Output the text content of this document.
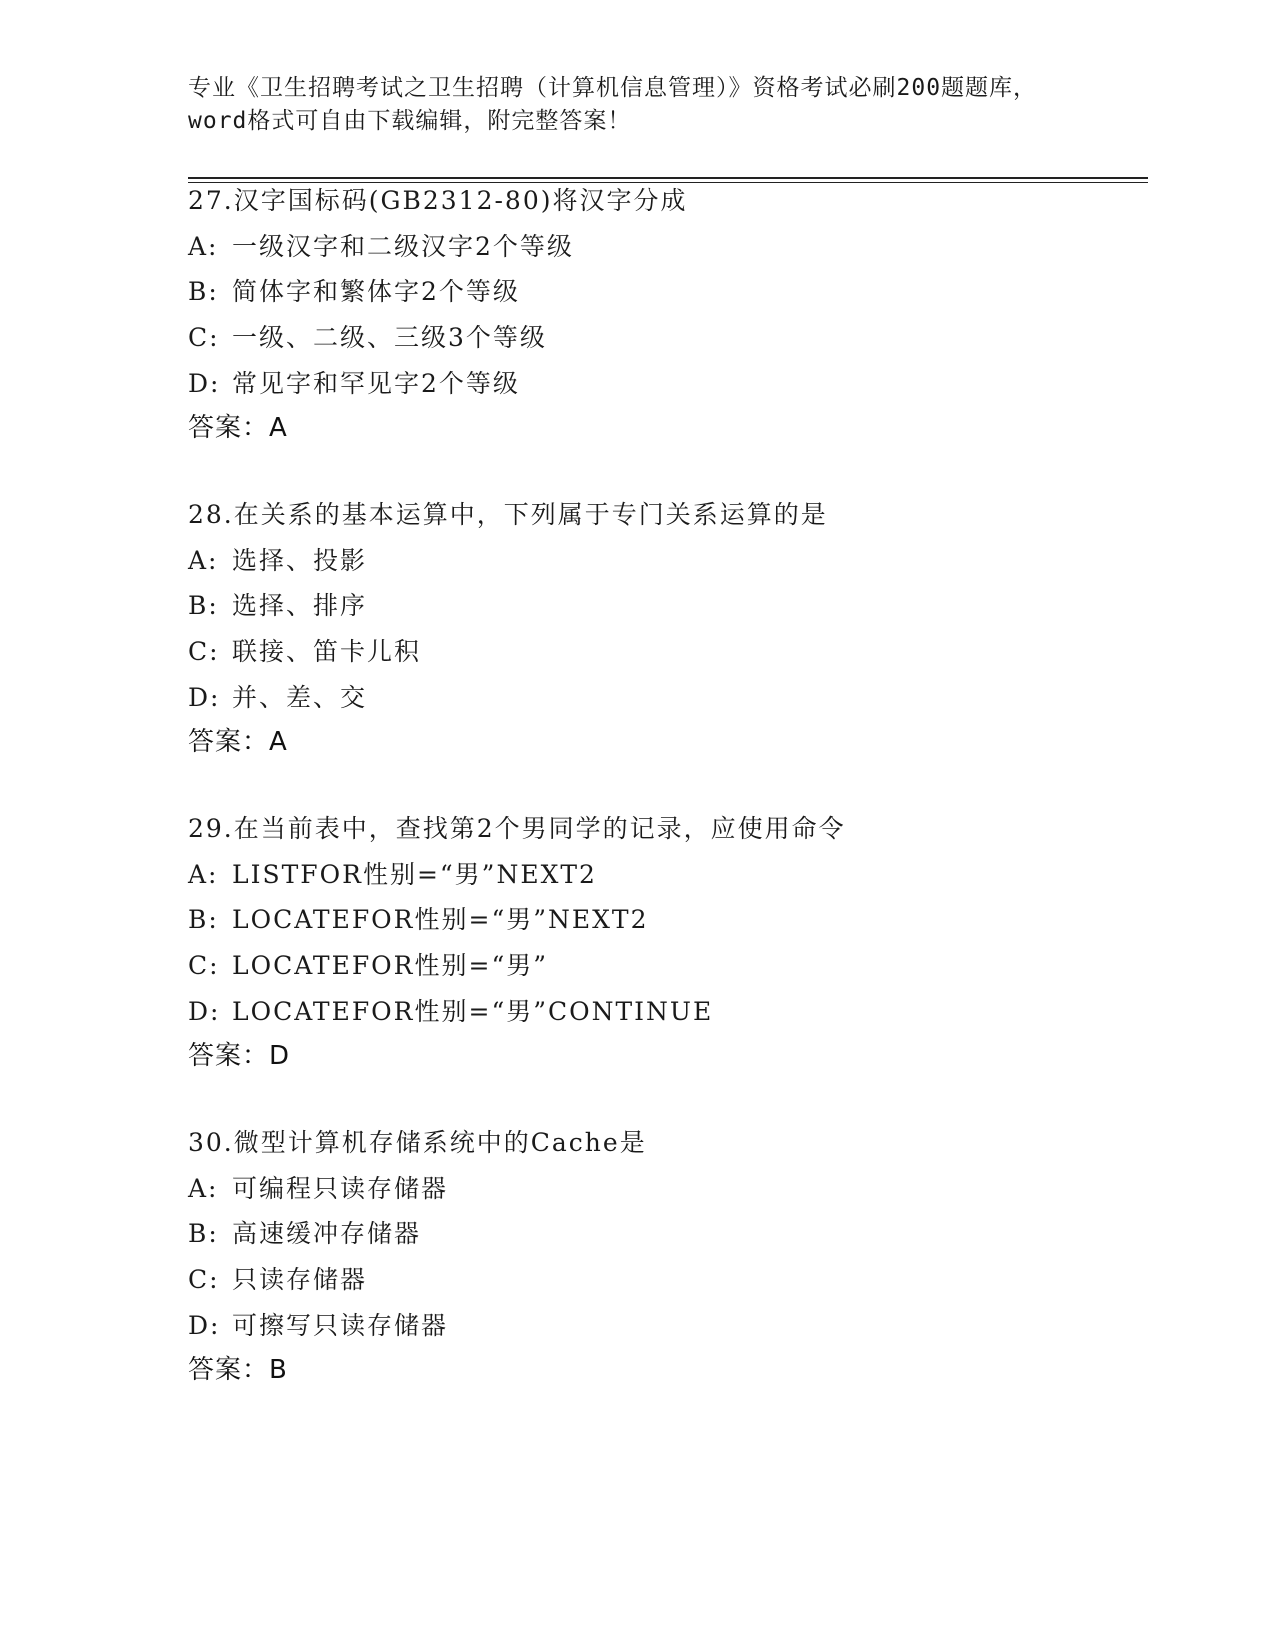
专业《卫生招聘考试之卫生招聘（计算机信息管理）》资格考试必刷200题题库，
word格式可自由下载编辑，附完整答案！
27.汉字国标码(GB2312-80)将汉字分成
A: 一级汉字和二级汉字2个等级
B: 简体字和繁体字2个等级
C: 一级、二级、三级3个等级
D: 常见字和罕见字2个等级
答案：A
28.在关系的基本运算中，下列属于专门关系运算的是
A: 选择、投影
B: 选择、排序
C: 联接、笛卡儿积
D: 并、差、交
答案：A
29.在当前表中，查找第2个男同学的记录，应使用命令
A: LISTFOR性别=“男”NEXT2
B: LOCATEFOR性别=“男”NEXT2
C: LOCATEFOR性别=“男”
D: LOCATEFOR性别=“男”CONTINUE
答案：D
30.微型计算机存储系统中的Cache是
A: 可编程只读存储器
B: 高速缓冲存储器
C: 只读存储器
D: 可擦写只读存储器
答案：B
